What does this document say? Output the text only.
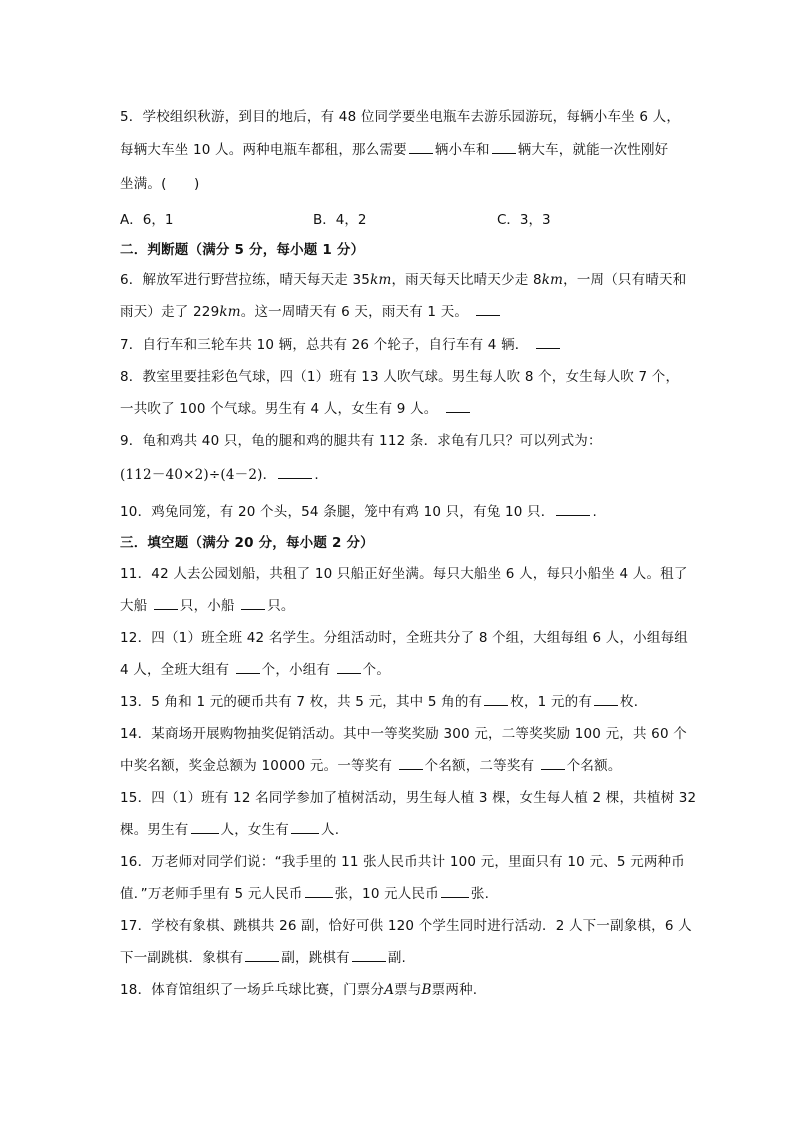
5．学校组织秋游，到目的地后，有 48 位同学要坐电瓶车去游乐园游玩，每辆小车坐 6 人，
每辆大车坐 10 人。两种电瓶车都租，那么需要 辆小车和 辆大车，就能一次性刚好
坐满。(　　)
A．6，1	B．4，2	C．3，3
二．判断题（满分 5 分，每小题 1 分）
6．解放军进行野营拉练，晴天每天走 35km，雨天每天比晴天少走 8km，一周（只有晴天和
雨天）走了 229km。这一周晴天有 6 天，雨天有 1 天。
7．自行车和三轮车共 10 辆，总共有 26 个轮子，自行车有 4 辆．
8．教室里要挂彩色气球，四（1）班有 13 人吹气球。男生每人吹 8 个，女生每人吹 7 个，
一共吹了 100 个气球。男生有 4 人，女生有 9 人。
9．龟和鸡共 40 只，龟的腿和鸡的腿共有 112 条．求龟有几只？可以列式为：
(112－40×2)÷(4－2)．	.
10．鸡兔同笼，有 20 个头，54 条腿，笼中有鸡 10 只，有兔 10 只．	.
三．填空题（满分 20 分，每小题 2 分）
11．42 人去公园划船，共租了 10 只船正好坐满。每只大船坐 6 人，每只小船坐 4 人。租了
大船 只，小船 只。
12．四（1）班全班 42 名学生。分组活动时，全班共分了 8 个组，大组每组 6 人，小组每组
4 人，全班大组有 个，小组有 个。
13．5 角和 1 元的硬币共有 7 枚，共 5 元，其中 5 角的有 枚，1 元的有 枚．
14．某商场开展购物抽奖促销活动。其中一等奖奖励 300 元，二等奖奖励 100 元，共 60 个
中奖名额，奖金总额为 10000 元。一等奖有 个名额，二等奖有 个名额。
15．四（1）班有 12 名同学参加了植树活动，男生每人植 3 棵，女生每人植 2 棵，共植树 32
棵。男生有 人，女生有 人.
16．万老师对同学们说：“我手里的 11 张人民币共计 100 元，里面只有 10 元、5 元两种币
值．”万老师手里有 5 元人民币 张，10 元人民币 张.
17．学校有象棋、跳棋共 26 副，恰好可供 120 个学生同时进行活动．2 人下一副象棋，6 人
下一副跳棋．象棋有	副，跳棋有	副.
18．体育馆组织了一场乒乓球比赛，门票分A票与B票两种.
